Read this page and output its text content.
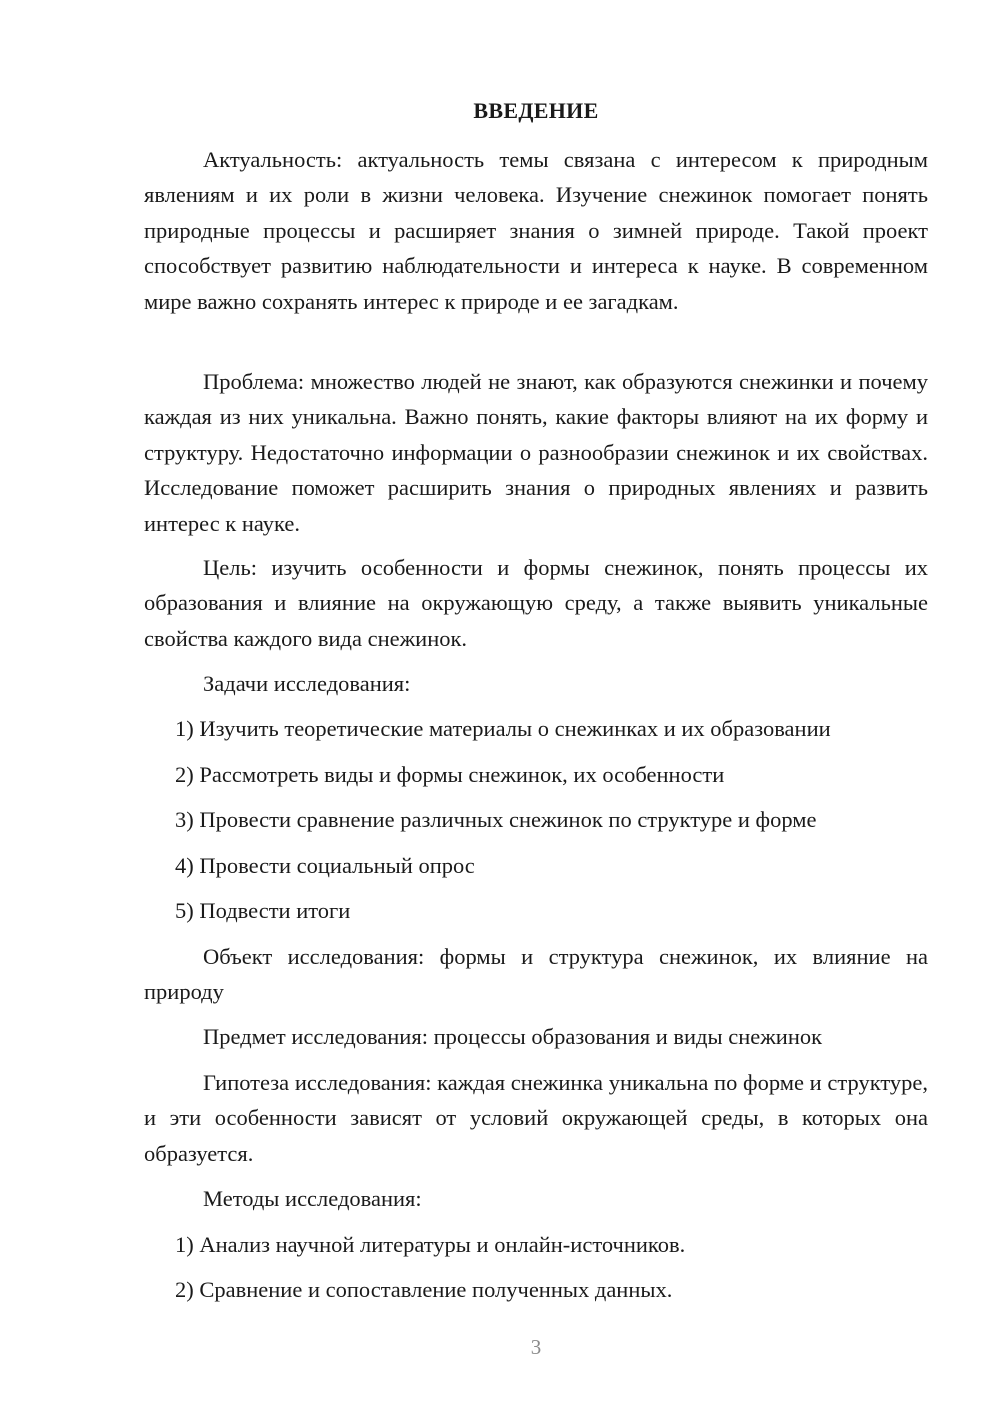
ВВЕДЕНИЕ

Актуальность: актуальность темы связана с интересом к природным явлениям и их роли в жизни человека. Изучение снежинок помогает понять природные процессы и расширяет знания о зимней природе. Такой проект способствует развитию наблюдательности и интереса к науке. В современном мире важно сохранять интерес к природе и ее загадкам.

Проблема: множество людей не знают, как образуются снежинки и почему каждая из них уникальна. Важно понять, какие факторы влияют на их форму и структуру. Недостаточно информации о разнообразии снежинок и их свойствах. Исследование поможет расширить знания о природных явлениях и развить интерес к науке.

Цель: изучить особенности и формы снежинок, понять процессы их образования и влияние на окружающую среду, а также выявить уникальные свойства каждого вида снежинок.

Задачи исследования:

1) Изучить теоретические материалы о снежинках и их образовании

2) Рассмотреть виды и формы снежинок, их особенности

3) Провести сравнение различных снежинок по структуре и форме

4) Провести социальный опрос

5) Подвести итоги

Объект исследования: формы и структура снежинок, их влияние на природу

Предмет исследования: процессы образования и виды снежинок

Гипотеза исследования: каждая снежинка уникальна по форме и структуре, и эти особенности зависят от условий окружающей среды, в которых она образуется.

Методы исследования:

1) Анализ научной литературы и онлайн-источников.

2) Сравнение и сопоставление полученных данных.

3
